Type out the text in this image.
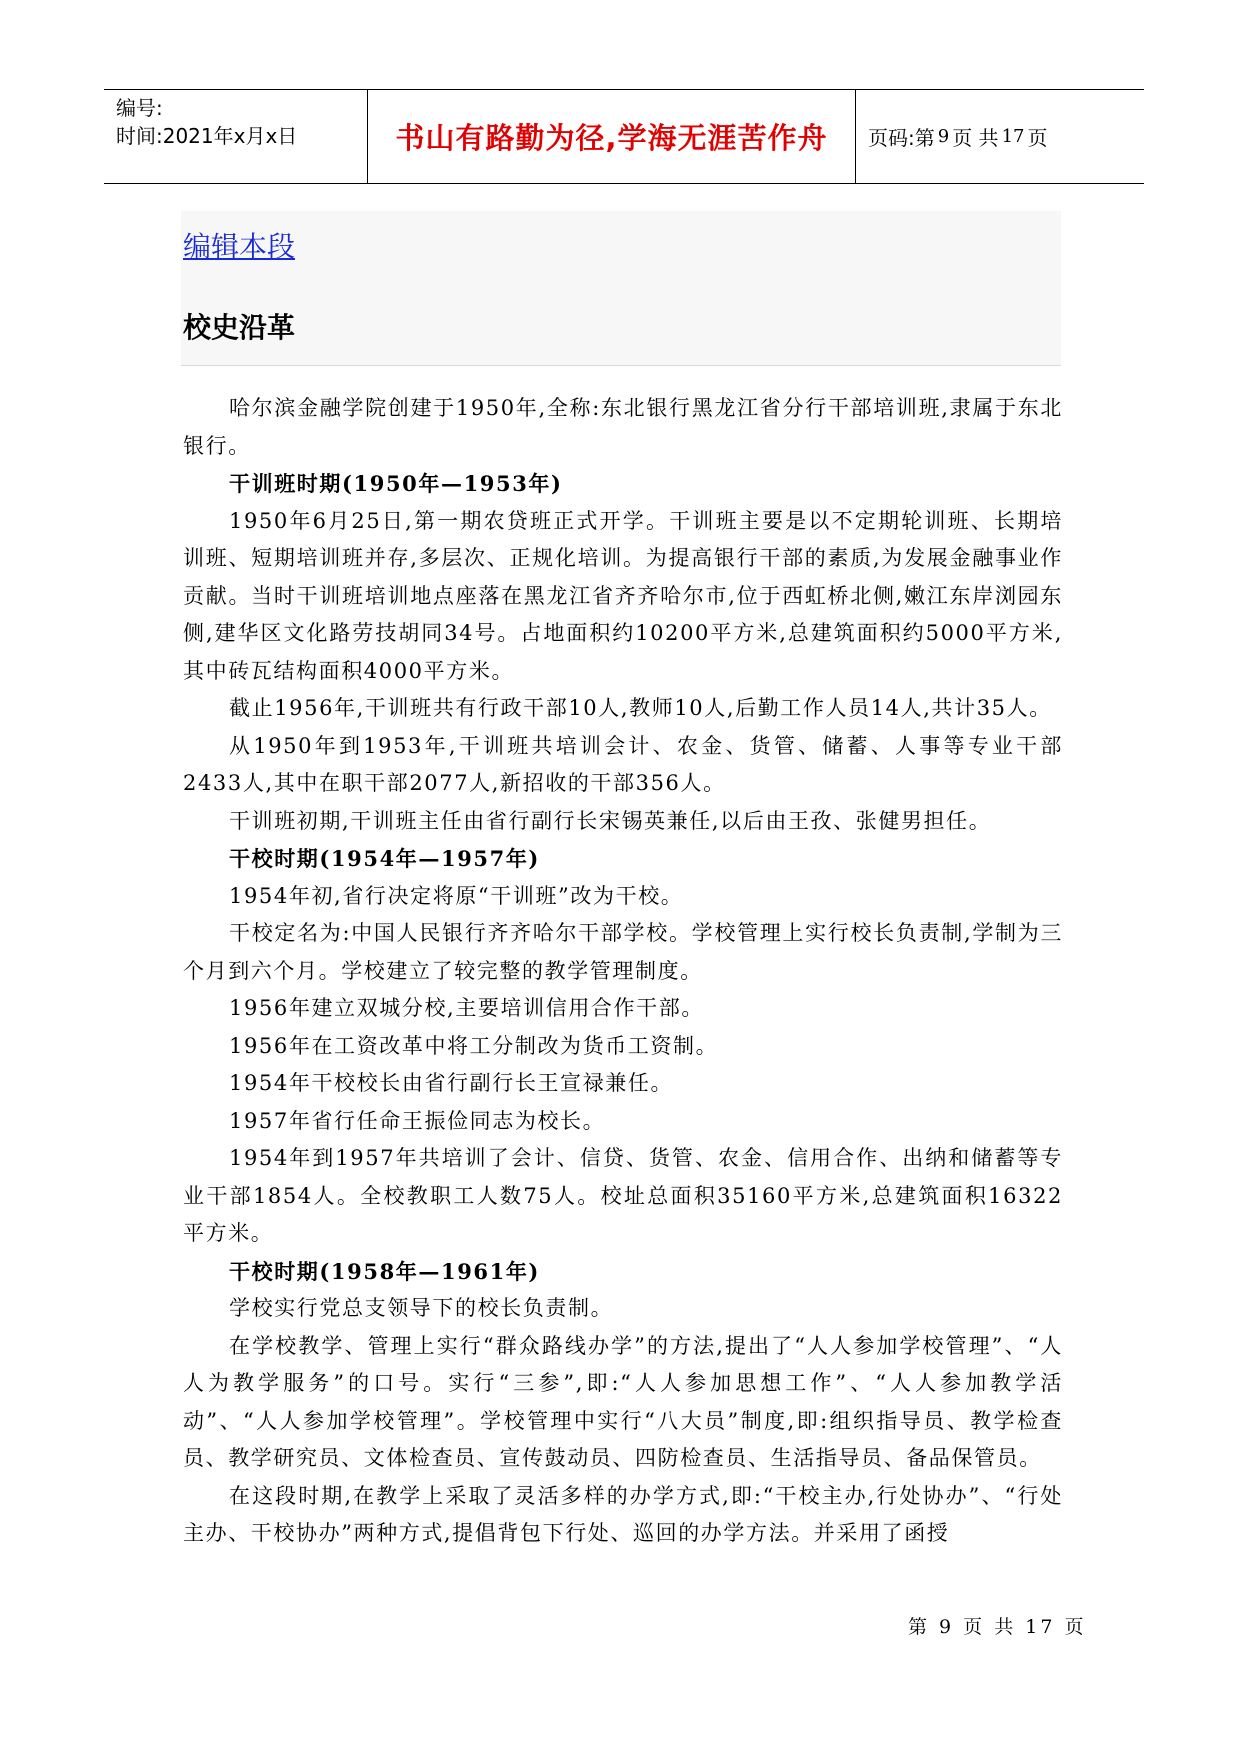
编号:
时间:2021年x月x日	书山有路勤为径,学海无涯苦作舟	页码:第 9 页 共 17 页
编辑本段
校史沿革

哈尔滨金融学院创建于1950年,全称:东北银行黑龙江省分行干部培训班,隶属于东北银行。

干训班时期(1950年—1953年)

1950年6月25日,第一期农贷班正式开学。干训班主要是以不定期轮训班、长期培训班、短期培训班并存,多层次、正规化培训。为提高银行干部的素质,为发展金融事业作贡献。当时干训班培训地点座落在黑龙江省齐齐哈尔市,位于西虹桥北侧,嫩江东岸浏园东侧,建华区文化路劳技胡同34号。占地面积约10200平方米,总建筑面积约5000平方米,其中砖瓦结构面积4000平方米。

截止1956年,干训班共有行政干部10人,教师10人,后勤工作人员14人,共计35人。

从1950年到1953年,干训班共培训会计、农金、货管、储蓄、人事等专业干部2433人,其中在职干部2077人,新招收的干部356人。

干训班初期,干训班主任由省行副行长宋锡英兼任,以后由王孜、张健男担任。

干校时期(1954年—1957年)

1954年初,省行决定将原“干训班”改为干校。

干校定名为:中国人民银行齐齐哈尔干部学校。学校管理上实行校长负责制,学制为三个月到六个月。学校建立了较完整的教学管理制度。

1956年建立双城分校,主要培训信用合作干部。

1956年在工资改革中将工分制改为货币工资制。

1954年干校校长由省行副行长王宣禄兼任。

1957年省行任命王振俭同志为校长。

1954年到1957年共培训了会计、信贷、货管、农金、信用合作、出纳和储蓄等专业干部1854人。全校教职工人数75人。校址总面积35160平方米,总建筑面积16322平方米。

干校时期(1958年—1961年)

学校实行党总支领导下的校长负责制。

在学校教学、管理上实行“群众路线办学”的方法,提出了“人人参加学校管理”、“人人为教学服务”的口号。实行“三参”,即:“人人参加思想工作”、“人人参加教学活动”、“人人参加学校管理”。学校管理中实行“八大员”制度,即:组织指导员、教学检查员、教学研究员、文体检查员、宣传鼓动员、四防检查员、生活指导员、备品保管员。

在这段时期,在教学上采取了灵活多样的办学方式,即:“干校主办,行处协办”、“行处主办、干校协办”两种方式,提倡背包下行处、巡回的办学方法。并采用了函授

第 9 页 共 17 页
